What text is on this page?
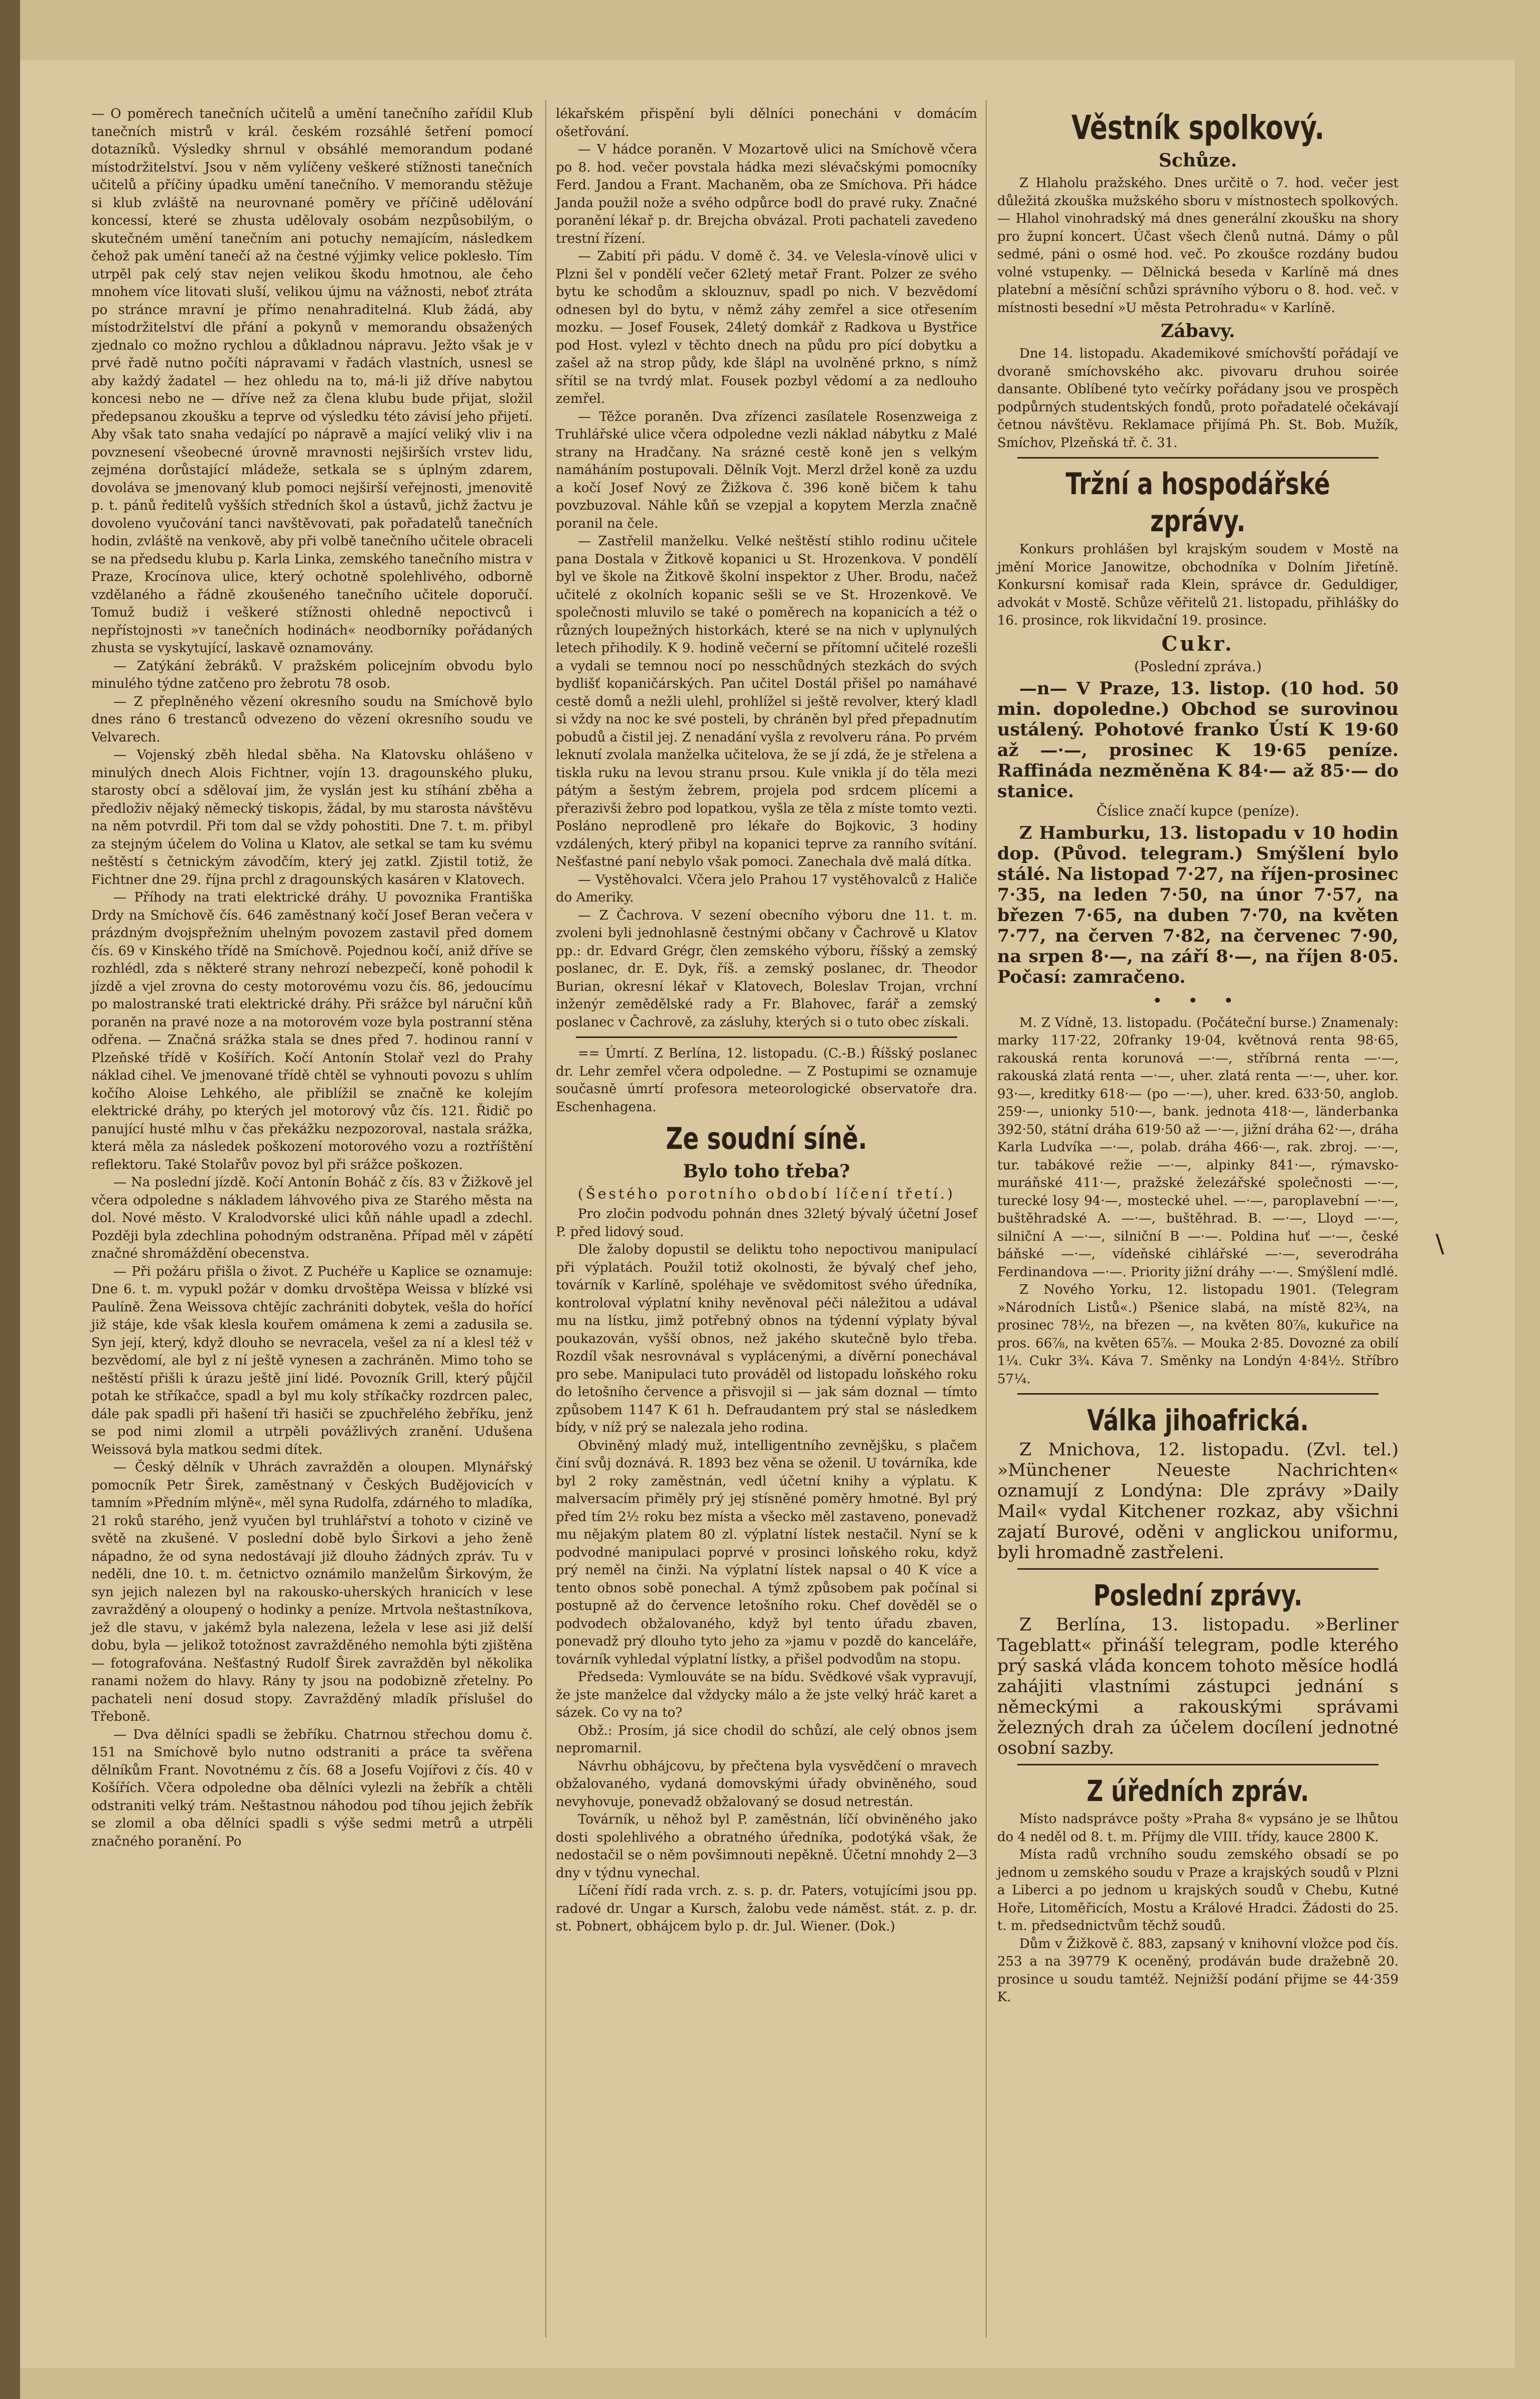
— O poměrech tanečních učitelů a umění tanečního zařídil Klub tanečních mistrů v král. českém rozsáhlé šetření pomocí dotazníků. Výsledky shrnul v obsáhlé memorandum podané místodržitelství. Jsou v něm vylíčeny veškeré stížnosti tanečních učitelů a příčiny úpadku umění tanečního. V memorandu stěžuje si klub zvláště na neurovnané poměry ve příčině udělování koncessí, které se zhusta udělovaly osobám nezpůsobilým, o skutečném umění tanečním ani potuchy nemajícím, následkem čehož pak umění tanečí až na čestné výjimky velice poklesło. Tím utrpěl pak celý stav nejen velikou škodu hmotnou, ale čeho mnohem více litovati sluší, velikou újmu na vážnosti, neboť ztráta po stránce mravní je přímo nenahraditelná. Klub žádá, aby místodržitelství dle přání a pokynů v memorandu obsažených zjednalo co možno rychlou a důkladnou nápravu. Ježto však je v prvé řadě nutno počíti nápravami v řadách vlastních, usnesl se aby každý žadatel — hez ohledu na to, má-li již dříve nabytou koncesi nebo ne — dříve než za člena klubu bude přijat, složil předepsanou zkoušku a teprve od výsledku této závisí jeho přijetí. Aby však tato snaha vedající po nápravě a mající veliký vliv i na povznesení všeobecné úrovně mravnosti nejširších vrstev lidu, zejména dorůstající mládeže, setkala se s úplným zdarem, dovoláva se jmenovaný klub pomoci nejširší veřejnosti, jmenovitě p. t. pánů ředitelů vyšších středních škol a ústavů, jichž žactvu je dovoleno vyučování tanci navštěvovati, pak pořadatelů tanečních hodin, zvláště na venkově, aby při volbě tanečního učitele obraceli se na předsedu klubu p. Karla Linka, zemského tanečního mistra v Praze, Krocínova ulice, který ochotně spolehlivého, odborně vzdělaného a řádně zkoušeného tanečního učitele doporučí. Tomuž budiž i veškeré stížnosti ohledně nepoctivců i nepřístojnosti »v tanečních hodinách« neodborníky pořádaných zhusta se vyskytující, laskavě oznamovány.

— Zatýkání žebráků. V pražském policejním obvodu bylo minulého týdne zatčeno pro žebrotu 78 osob.

— Z přeplněného vězení okresního soudu na Smíchově bylo dnes ráno 6 trestanců odvezeno do vězení okresního soudu ve Velvarech.

— Vojenský zběh hledal sběha. Na Klatovsku ohlášeno v minulých dnech Alois Fichtner, vojín 13. dragounského pluku, starosty obcí a sdělovaí jim, že vyslán jest ku stíhání zběha a předloživ nějaký německý tiskopis, žádal, by mu starosta návštěvu na něm potvrdil. Při tom dal se vždy pohostiti. Dne 7. t. m. přibyl za stejným účelem do Volina u Klatov, ale setkal se tam ku svému neštěstí s četnickým závodčím, který jej zatkl. Zjistil totiž, že Fichtner dne 29. října prchl z dragounských kasáren v Klatovech.

— Příhody na trati elektrické dráhy. U povoznika Františka Drdy na Smíchově čís. 646 zaměstnaný kočí Josef Beran večera v prázdným dvojspřežním uhelným povozem zastavil před domem čís. 69 v Kinského třídě na Smíchově. Pojednou kočí, aniž dříve se rozhlédl, zda s některé strany nehrozí nebezpečí, koně pohodil k jízdě a vjel zrovna do cesty motorovému vozu čís. 86, jedoucímu po malostranské trati elektrické dráhy. Při srážce byl náruční kůň poraněn na pravé noze a na motorovém voze byla postranní stěna odřena. — Značná srážka stala se dnes před 7. hodinou ranní v Plzeňské třídě v Košířích. Kočí Antonín Stolař vezl do Prahy náklad cihel. Ve jmenované třídě chtěl se vyhnouti povozu s uhlím kočího Aloise Lehkého, ale přiblížil se značně ke kolejím elektrické dráhy, po kterých jel motorový vůz čís. 121. Řidič po panující husté mlhu v čas překážku nezpozoroval, nastala srážka, která měla za následek poškození motorového vozu a roztříštění reflektoru. Také Stolařův povoz byl při srážce poškozen.

— Na poslední jízdě. Kočí Antonín Boháč z čís. 83 v Žižkově jel včera odpoledne s nákladem láhvového piva ze Starého města na dol. Nové město. V Kralodvorské ulici kůň náhle upadl a zdechl. Později byla zdechlina pohodným odstraněna. Případ měl v zápětí značné shromáždění obecenstva.

— Při požáru přišla o život. Z Puchéře u Kaplice se oznamuje: Dne 6. t. m. vypukl požár v domku drvoštěpa Weissa v blízké vsi Paulíně. Žena Weissova chtějíc zachrániti dobytek, vešla do hořící již stáje, kde však klesla kouřem omámena k zemi a zadusila se. Syn její, který, když dlouho se nevracela, vešel za ní a klesl též v bezvědomí, ale byl z ní ještě vynesen a zachráněn. Mimo toho se neštěstí přišli k úrazu ještě jiní lidé. Povozník Grill, který půjčil potah ke stříkačce, spadl a byl mu koly stříkačky rozdrcen palec, dále pak spadli při hašení tři hasiči se zpuchřelého žebříku, jenž se pod nimi zlomil a utrpěli povážlivých zranění. Udušena Weissová byla matkou sedmi dítek.

— Český dělník v Uhrách zavražděn a oloupen. Mlynářský pomocník Petr Širek, zaměstnaný v Českých Budějovicích v tamním »Předním mlýně«, měl syna Rudolfa, zdárného to mladíka, 21 roků starého, jenž vyučen byl truhlářství a tohoto v cizině ve světě na zkušené. V poslední době bylo Širkovi a jeho ženě nápadno, že od syna nedostávají již dlouho žádných zpráv. Tu v neděli, dne 10. t. m. četnictvo oznámilo manželům Širkovým, že syn jejich nalezen byl na rakousko-uherských hranicích v lese zavražděný a oloupený o hodinky a peníze. Mrtvola neštastníkova, jež dle stavu, v jakémž byla nalezena, ležela v lese asi již delší dobu, byla — jelikož totožnost zavražděného nemohla býti zjištěna — fotografována. Nešťastný Rudolf Širek zavražděn byl několika ranami nožem do hlavy. Rány ty jsou na podobizně zřetelny. Po pachateli není dosud stopy. Zavražděný mladík příslušel do Třeboně.

— Dva dělníci spadli se žebříku. Chatrnou střechou domu č. 151 na Smíchově bylo nutno odstraniti a práce ta svěřena dělníkům Frant. Novotnému z čís. 68 a Josefu Vojířovi z čís. 40 v Košířích. Včera odpoledne oba dělníci vylezli na žebřík a chtěli odstraniti velký trám. Neštastnou náhodou pod tíhou jejich žebřík se zlomil a oba dělníci spadli s výše sedmi metrů a utrpěli značného poranění. Po

lékařském přispění byli dělníci ponecháni v domácím ošetřování.

— V hádce poraněn. V Mozartově ulici na Smíchově včera po 8. hod. večer povstala hádka mezi slévačskými pomocníky Ferd. Jandou a Frant. Machaněm, oba ze Smíchova. Při hádce Janda použil nože a svého odpůrce bodl do pravé ruky. Značné poranění lékař p. dr. Brejcha obvázal. Proti pachateli zavedeno trestní řízení.

— Zabití při pádu. V domě č. 34. ve Velesla-vínově ulici v Plzni šel v pondělí večer 62letý metař Frant. Polzer ze svého bytu ke schodům a sklouznuv, spadl po nich. V bezvědomí odnesen byl do bytu, v němž záhy zemřel a sice otřesením mozku. — Josef Fousek, 24letý domkář z Radkova u Bystřice pod Host. vylezl v těchto dnech na půdu pro pící dobytku a zašel až na strop půdy, kde šlápl na uvolněné prkno, s nímž sřítil se na tvrdý mlat. Fousek pozbyl vědomí a za nedlouho zemřel.

— Těžce poraněn. Dva zřízenci zasílatele Rosenzweiga z Truhlářské ulice včera odpoledne vezli náklad nábytku z Malé strany na Hradčany. Na srázné cestě koně jen s velkým namáháním postupovali. Dělník Vojt. Merzl držel koně za uzdu a kočí Josef Nový ze Žižkova č. 396 koně bičem k tahu povzbuzoval. Náhle kůň se vzepjal a kopytem Merzla značně poranil na čele.

— Zastřelil manželku. Velké neštěstí stihlo rodinu učitele pana Dostala v Žitkově kopanici u St. Hrozenkova. V pondělí byl ve škole na Žitkově školní inspektor z Uher. Brodu, načež učitelé z okolních kopanic sešli se ve St. Hrozenkově. Ve společnosti mluvilo se také o poměrech na kopanicích a též o různých loupežných historkách, které se na nich v uplynulých letech přihodily. K 9. hodině večerní se přítomní učitelé rozešli a vydali se temnou nocí po nesschůdných stezkách do svých bydlišť kopaničárských. Pan učitel Dostál přišel po namáhavé cestě domů a nežli ulehl, prohlížel si ještě revolver, který kladl si vždy na noc ke své posteli, by chráněn byl před přepadnutím pobudů a čistil jej. Z nenadání vyšla z revolveru rána. Po prvém leknutí zvolala manželka učitelova, že se jí zdá, že je střelena a tiskla ruku na levou stranu prsou. Kule vnikla jí do těla mezi pátým a šestým žebrem, projela pod srdcem plícemi a přerazivši žebro pod lopatkou, vyšla ze těla z míste tomto vezti. Posláno neprodleně pro lékaře do Bojkovic, 3 hodiny vzdálených, který přibyl na kopanici teprve za ranního svítání. Nešťastné paní nebylo však pomoci. Zanechala dvě malá dítka.

— Vystěhovalci. Včera jelo Prahou 17 vystěhovalců z Haliče do Ameriky.

— Z Čachrova. V sezení obecního výboru dne 11. t. m. zvoleni byli jednohlasně čestnými občany v Čachrově u Klatov pp.: dr. Edvard Grégr, člen zemského výboru, říšský a zemský poslanec, dr. E. Dyk, říš. a zemský poslanec, dr. Theodor Burian, okresní lékař v Klatovech, Boleslav Trojan, vrchní inženýr zemědělské rady a Fr. Blahovec, farář a zemský poslanec v Čachrově, za zásluhy, kterých si o tuto obec získali.

== Úmrtí. Z Berlína, 12. listopadu. (C.-B.) Říšský poslanec dr. Lehr zemřel včera odpoledne. — Z Postupimi se oznamuje současně úmrtí profesora meteorologické observatoře dra. Eschenhagena.

Ze soudní síně.
Bylo toho třeba?
(Šestého porotního období líčení třetí.)

Pro zločin podvodu pohnán dnes 32letý bývalý účetní Josef P. před lidový soud.

Dle žaloby dopustil se deliktu toho nepoctivou manipulací při výplatách. Použil totiž okolnosti, že bývalý chef jeho, továrník v Karlíně, spoléhaje ve svědomitost svého úředníka, kontroloval výplatní knihy nevěnoval péči náležitou a udával mu na lístku, jimž potřebný obnos na týdenní výplaty býval poukazován, vyšší obnos, než jakého skutečně bylo třeba. Rozdíl však nesrovnával s vyplácenými, a dívěrní ponechával pro sebe. Manipulaci tuto prováděl od listopadu loňského roku do letošního července a přisvojil si — jak sám doznal — tímto způsobem 1147 K 61 h. Defraudantem prý stal se následkem bídy, v níž prý se nalezala jeho rodina.

Obviněný mladý muž, intelligentního zevnějšku, s plačem činí svůj doznává. R. 1893 bez věna se oženil. U továrníka, kde byl 2 roky zaměstnán, vedl účetní knihy a výplatu. K malversacím přiměly prý jej stísněné poměry hmotné. Byl prý před tím 2½ roku bez místa a všecko měl zastaveno, ponevadž mu nějakým platem 80 zl. výplatní lístek nestačil. Nyní se k podvodné manipulaci poprvé v prosinci loňského roku, když prý neměl na činži. Na výplatní lístek napsal o 40 K více a tento obnos sobě ponechal. A týmž způsobem pak počínal si postupně až do července letošního roku. Chef dověděl se o podvodech obžalovaného, když byl tento úřadu zbaven, ponevadž prý dlouho tyto jeho za »jamu v pozdě do kanceláře, továrník vyhledal výplatní lístky, a přišel podvodům na stopu.

Předseda: Vymlouváte se na bídu. Svědkové však vypravují, že jste manželce dal vždycky málo a že jste velký hráč karet a sázek. Co vy na to?

Obž.: Prosím, já sice chodil do schůzí, ale celý obnos jsem nepromarnil.

Návrhu obhájcovu, by přečtena byla vysvědčení o mravech obžalovaného, vydaná domovskými úřady obviněného, soud nevyhovuje, ponevadž obžalovaný se dosud netrestán.

Továrník, u něhož byl P. zaměstnán, líčí obviněného jako dosti spolehlivého a obratného úředníka, podotýká však, že nedostačil se o něm povšimnouti nepěkně. Účetní mnohdy 2—3 dny v týdnu vynechal.

Líčení řídí rada vrch. z. s. p. dr. Paters, votujícími jsou pp. radové dr. Ungar a Kursch, žalobu vede náměst. stát. z. p. dr. st. Pobnert, obhájcem bylo p. dr. Jul. Wiener. (Dok.)

Věstník spolkový.
Schůze.

Z Hlaholu pražského. Dnes určitě o 7. hod. večer jest důležitá zkouška mužského sboru v místnostech spolkových. — Hlahol vinohradský má dnes generální zkoušku na shory pro župní koncert. Účast všech členů nutná. Dámy o půl sedmé, páni o osmé hod. več. Po zkoušce rozdány budou volné vstupenky. — Dělnická beseda v Karlíně má dnes platební a měsíční schůzi správního výboru o 8. hod. več. v místnosti besední »U města Petrohradu« v Karlíně.

Zábavy.

Dne 14. listopadu. Akademikové smíchovští pořádají ve dvoraně smíchovského akc. pivovaru druhou soirée dansante. Oblíbené tyto večírky pořádany jsou ve prospěch podpůrných studentských fondů, proto pořadatelé očekávají četnou návštěvu. Reklamace přijímá Ph. St. Bob. Mužík, Smíchov, Plzeňská tř. č. 31.

Tržní a hospodářské zprávy.

Konkurs prohlášen byl krajským soudem v Mostě na jmění Morice Janowitze, obchodníka v Dolním Jiřetíně. Konkursní komisař rada Klein, správce dr. Geduldiger, advokát v Mostě. Schůze věřitelů 21. listopadu, přihlášky do 16. prosince, rok likvidační 19. prosince.

Cukr.
(Poslední zpráva.)

—n— V Praze, 13. listop. (10 hod. 50 min. dopoledne.) Obchod se surovinou ustálený. Pohotové franko Ústí K 19·60 až —·—, prosinec K 19·65 peníze. Raffináda nezměněna K 84·— až 85·— do stanice.

Číslice značí kupce (peníze).

Z Hamburku, 13. listopadu v 10 hodin dop. (Původ. telegram.) Smýšlení bylo stálé. Na listopad 7·27, na říjen-prosinec 7·35, na leden 7·50, na únor 7·57, na březen 7·65, na duben 7·70, na květen 7·77, na červen 7·82, na červenec 7·90, na srpen 8·—, na září 8·—, na říjen 8·05. Počasí: zamračeno.

• • •

M. Z Vídně, 13. listopadu. (Počáteční burse.) Znamenaly: marky 117·22, 20franky 19·04, květnová renta 98·65, rakouská renta korunová —·—, stříbrná renta —·—, rakouská zlatá renta —·—, uher. zlatá renta —·—, uher. kor. 93·—, kreditky 618·— (po —·—), uher. kred. 633·50, anglob. 259·—, unionky 510·—, bank. jednota 418·—, länderbanka 392·50, státní dráha 619·50 až —·—, jižní dráha 62·—, dráha Karla Ludvíka —·—, polab. dráha 466·—, rak. zbroj. —·—, tur. tabákové režie —·—, alpinky 841·—, rýmavsko-muráňské 411·—, pražské železářské společnosti —·—, turecké losy 94·—, mostecké uhel. —·—, paroplavební —·—, buštěhradské A. —·—, buštěhrad. B. —·—, Lloyd —·—, silniční A —·—, silniční B —·—. Poldina huť —·—, české báňské —·—, vídeňské cihlářské —·—, severodráha Ferdinandova —·—. Priority jižní dráhy —·—. Smýšlení mdlé.

Z Nového Yorku, 12. listopadu 1901. (Telegram »Národních Listů«.) Pšenice slabá, na místě 82¾, na prosinec 78½, na březen —, na květen 80⅞, kukuřice na pros. 66⅞, na květen 65⅞. — Mouka 2·85. Dovozné za obilí 1¼. Cukr 3¾. Káva 7. Směnky na Londýn 4·84½. Stříbro 57¼.

Válka jihoafrická.

Z Mnichova, 12. listopadu. (Zvl. tel.) »Münchener Neueste Nachrichten« oznamují z Londýna: Dle zprávy »Daily Mail« vydal Kitchener rozkaz, aby všichni zajatí Burové, oděni v anglickou uniformu, byli hromadně zastřeleni.

Poslední zprávy.

Z Berlína, 13. listopadu. »Berliner Tageblatt« přináší telegram, podle kterého prý saská vláda koncem tohoto měsíce hodlá zahájiti vlastními zástupci jednání s německými a rakouskými správami železných drah za účelem docílení jednotné osobní sazby.

Z úředních zpráv.

Místo nadsprávce pošty »Praha 8« vypsáno je se lhůtou do 4 neděl od 8. t. m. Příjmy dle VIII. třídy, kauce 2800 K.

Místa radů vrchního soudu zemského obsadí se po jednom u zemského soudu v Praze a krajských soudů v Plzni a Liberci a po jednom u krajských soudů v Chebu, Kutné Hoře, Litoměřicích, Mostu a Králové Hradci. Žádosti do 25. t. m. předsednictvům těchž soudů.

Dům v Žižkově č. 883, zapsaný v knihovní vložce pod čís. 253 a na 39779 K oceněný, prodáván bude dražebně 20. prosince u soudu tamtéž. Nejnižší podání přijme se 44·359 K.

\
